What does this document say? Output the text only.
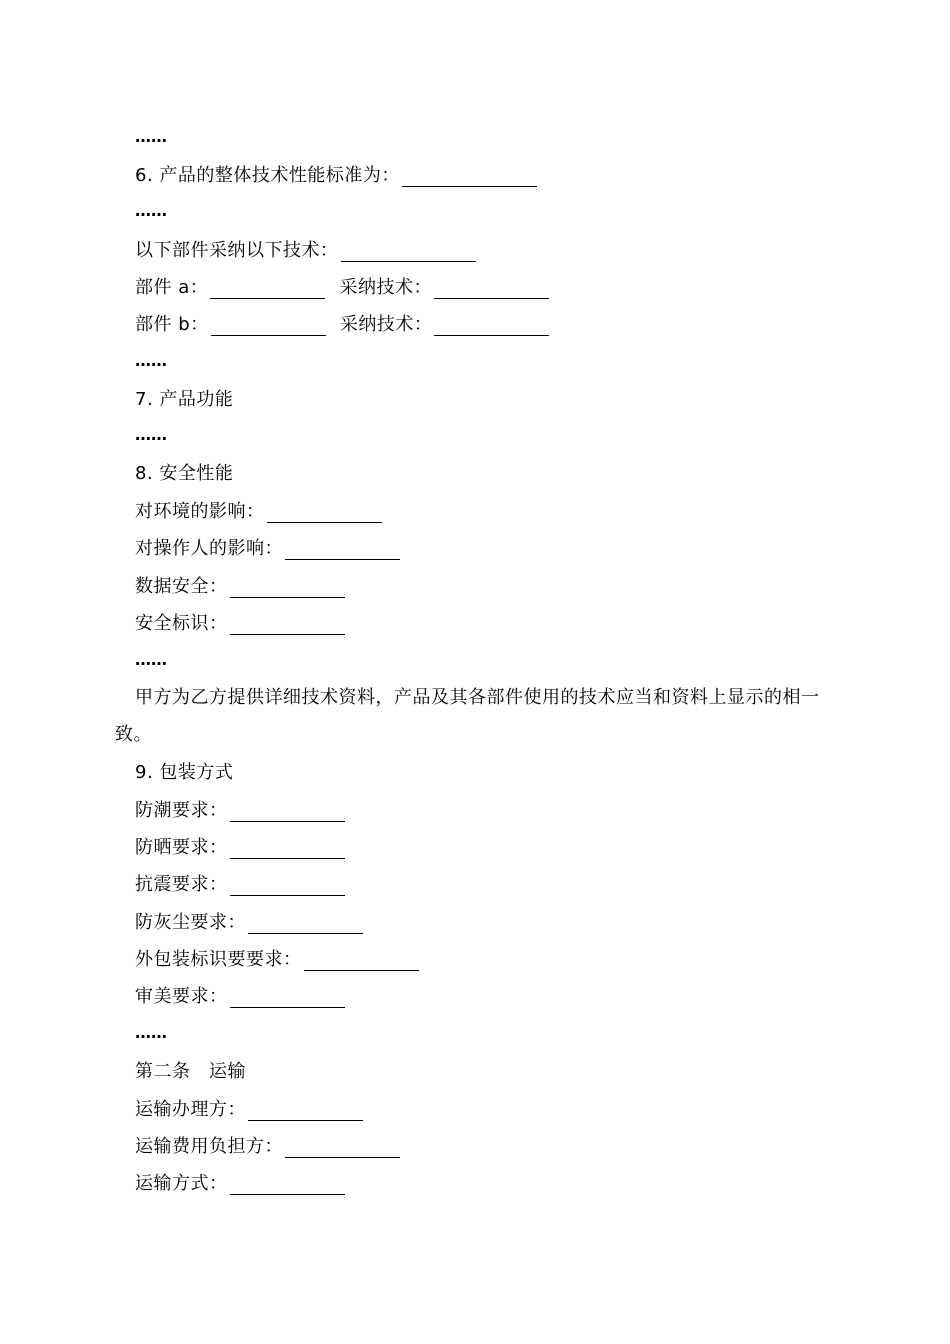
……
6. 产品的整体技术性能标准为：
……
以下部件采纳以下技术：
部件 a：	采纳技术：
部件 b：	采纳技术：
……
7. 产品功能
……
8. 安全性能
对环境的影响：
对操作人的影响：
数据安全：
安全标识：
……
甲方为乙方提供详细技术资料，产品及其各部件使用的技术应当和资料上显示的相一致。
9. 包装方式
防潮要求：
防晒要求：
抗震要求：
防灰尘要求：
外包装标识要要求：
审美要求：
……
第二条　运输
运输办理方：
运输费用负担方：
运输方式：
